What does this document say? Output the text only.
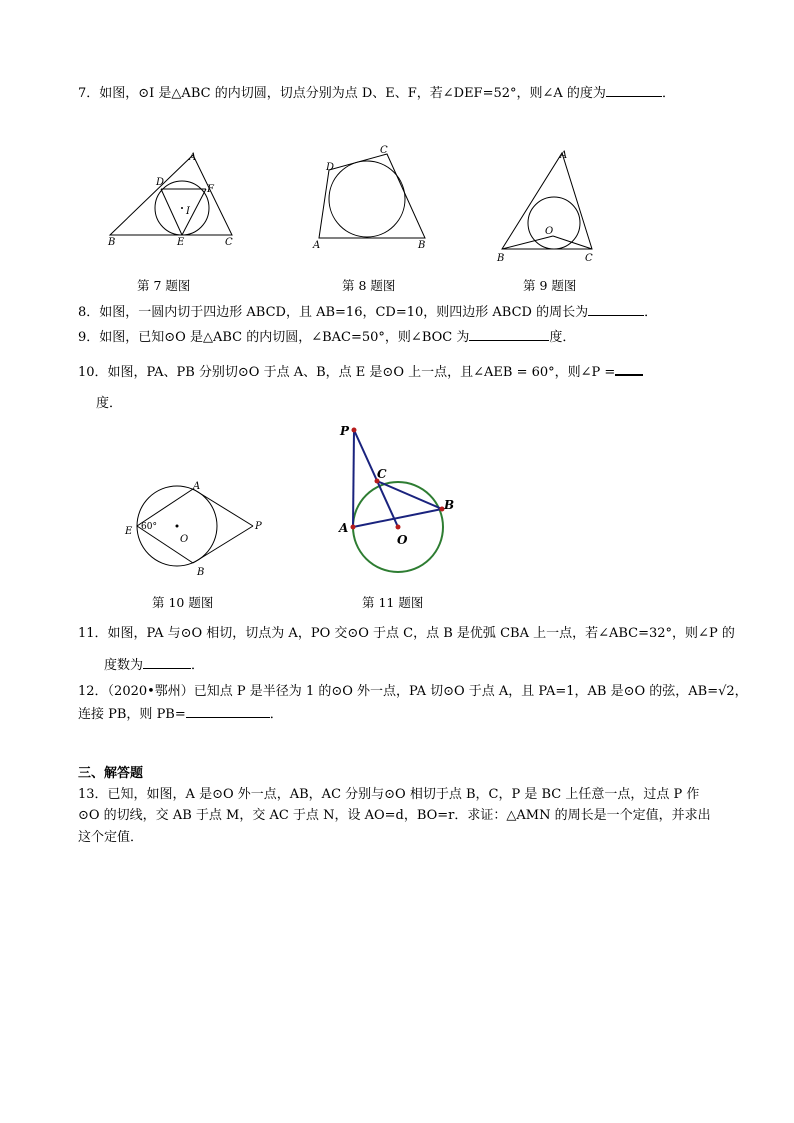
7．如图，⊙I 是△ABC 的内切圆，切点分别为点 D、E、F，若∠DEF=52°，则∠A 的度为	．
A
B	C
D
E
F
I
A	B
C
D
A
B	C
O
第 7 题图	第 8 题图	第 9 题图
8．如图，一圆内切于四边形 ABCD，且 AB=16，CD=10，则四边形 ABCD 的周长为	．
9．如图，已知⊙O 是△ABC 的内切圆，∠BAC=50°，则∠BOC 为	度．
10．如图，PA、PB 分别切⊙O 于点 A、B，点 E 是⊙O 上一点，且∠AEB = 60°，则∠P =
度．
A
B
E
O
P
60°
P
A
B
C
O
第 10 题图	第 11 题图
11．如图，PA 与⊙O 相切，切点为 A，PO 交⊙O 于点 C，点 B 是优弧 CBA 上一点，若∠ABC=32°，则∠P 的
度数为	．
12．（2020•鄂州）已知点 P 是半径为 1 的⊙O 外一点，PA 切⊙O 于点 A，且 PA=1，AB 是⊙O 的弦，AB=√2，
连接 PB，则 PB=	．
三、解答题
13．已知，如图，A 是⊙O 外一点，AB，AC 分别与⊙O 相切于点 B，C，P 是 BC 上任意一点，过点 P 作
⊙O 的切线，交 AB 于点 M，交 AC 于点 N，设 AO=d，BO=r．求证：△AMN 的周长是一个定值，并求出
这个定值．
